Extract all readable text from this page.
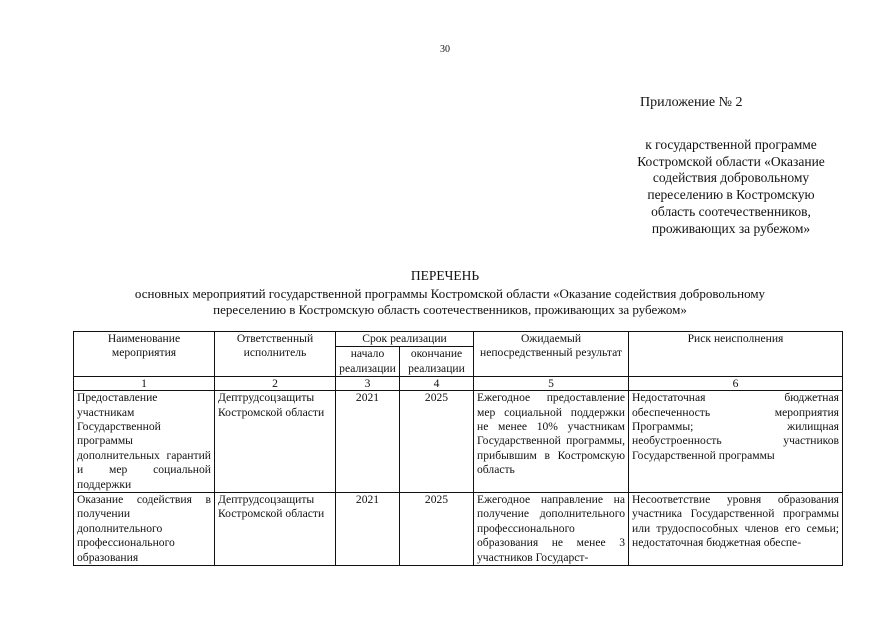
30
Приложение № 2
к государственной программе
Костромской области «Оказание
содействия добровольному
переселению в Костромскую
область соотечественников,
проживающих за рубежом»
ПЕРЕЧЕНЬ
основных мероприятий государственной программы Костромской области «Оказание содействия добровольному
переселению в Костромскую область соотечественников, проживающих за рубежом»
Наименование мероприятия	Ответственный исполнитель	Срок реализации		Ожидаемый непосредственный результат	Риск неисполнения
		начало реализации	окончание реализации		
1	2	3	4	5	6
Предоставление участникам Государственной программы дополнительных гарантий и мер социальной поддержки	Дептрудсоцзащиты Костромской области	2021	2025	Ежегодное предоставление мер социальной поддержки не менее 10% участникам Государственной программы, прибывшим в Костромскую область	Недостаточная бюджетная обеспеченность мероприятия Программы; жилищная необустроенность участников Государственной программы
Оказание содействия в получении дополнительного профессионального образования	Дептрудсоцзащиты Костромской области	2021	2025	Ежегодное направление на получение дополнительного профессионального образования не менее 3 участников Государст-	Несоответствие уровня образования участника Государственной программы или трудоспособных членов его семьи; недостаточная бюджетная обеспе-
